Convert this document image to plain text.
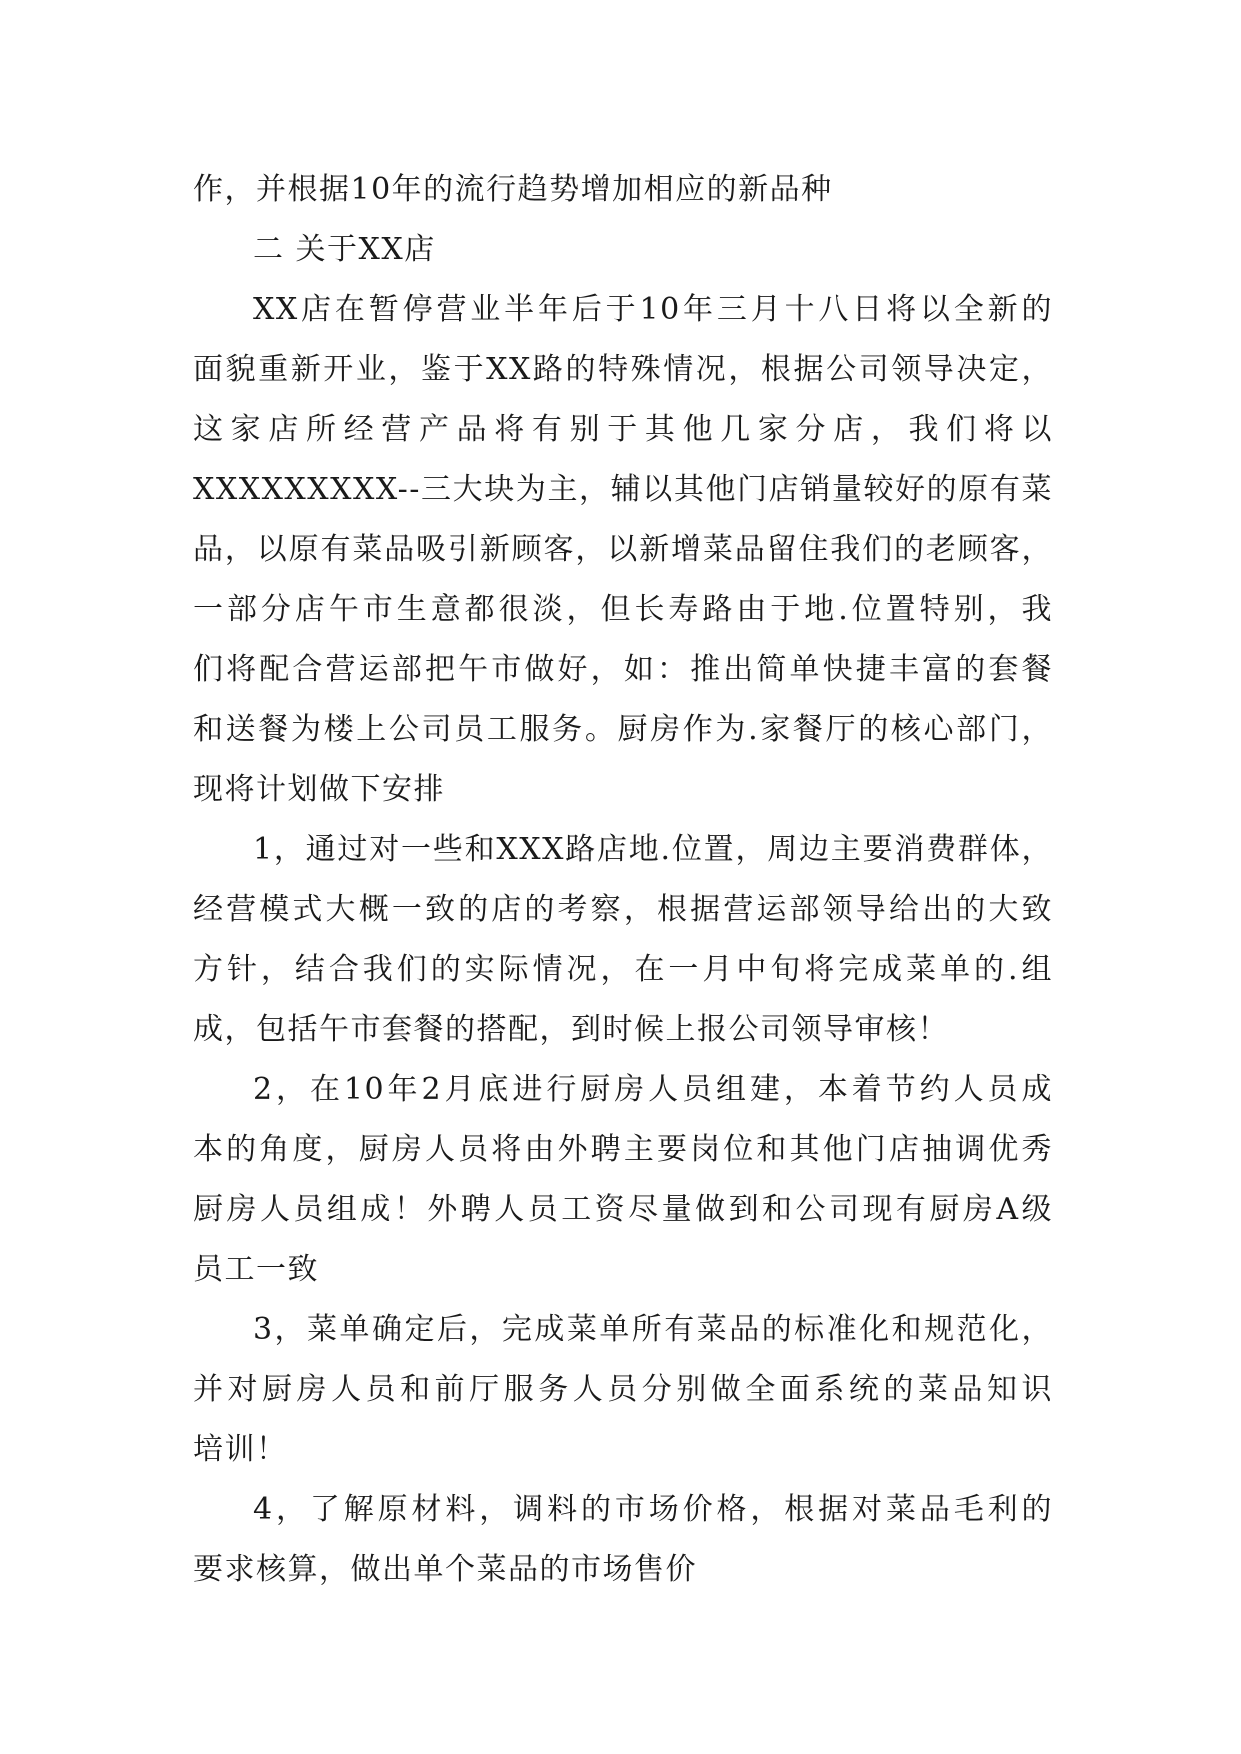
作，并根据10年的流行趋势增加相应的新品种
二 关于XX店
XX店在暂停营业半年后于10年三月十八日将以全新的
面貌重新开业，鉴于XX路的特殊情况，根据公司领导决定，
这家店所经营产品将有别于其他几家分店，我们将以
XXXXXXXXX--三大块为主，辅以其他门店销量较好的原有菜
品，以原有菜品吸引新顾客，以新增菜品留住我们的老顾客，
一部分店午市生意都很淡，但长寿路由于地.位置特别，我
们将配合营运部把午市做好，如：推出简单快捷丰富的套餐
和送餐为楼上公司员工服务。厨房作为.家餐厅的核心部门，
现将计划做下安排
1，通过对一些和XXX路店地.位置，周边主要消费群体，
经营模式大概一致的店的考察，根据营运部领导给出的大致
方针，结合我们的实际情况，在一月中旬将完成菜单的.组
成，包括午市套餐的搭配，到时候上报公司领导审核！
2，在10年2月底进行厨房人员组建，本着节约人员成
本的角度，厨房人员将由外聘主要岗位和其他门店抽调优秀
厨房人员组成！外聘人员工资尽量做到和公司现有厨房A级
员工一致
3，菜单确定后，完成菜单所有菜品的标准化和规范化，
并对厨房人员和前厅服务人员分别做全面系统的菜品知识
培训！
4，了解原材料，调料的市场价格，根据对菜品毛利的
要求核算，做出单个菜品的市场售价
